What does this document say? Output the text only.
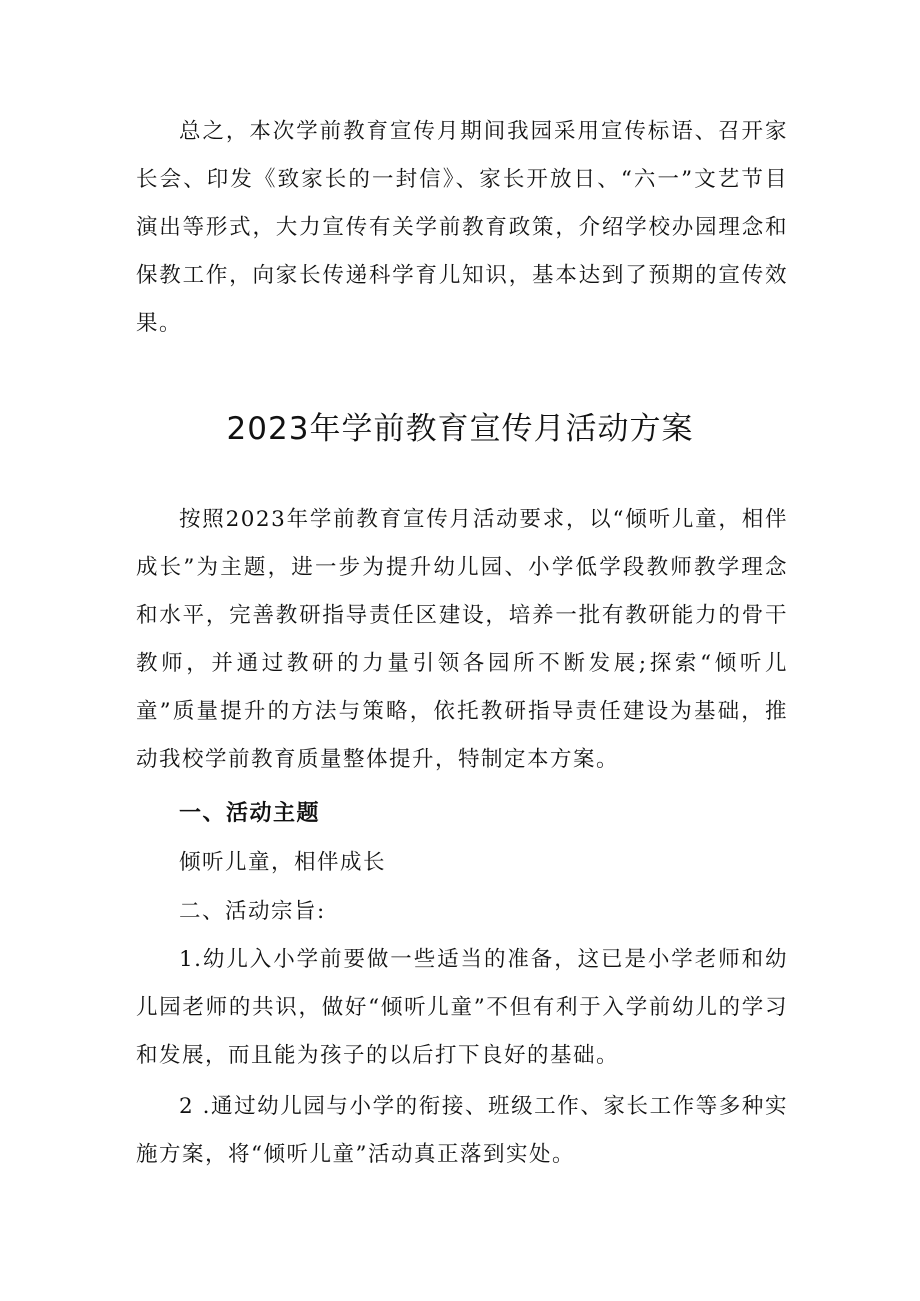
总之，本次学前教育宣传月期间我园采用宣传标语、召开家长会、印发《致家长的一封信》、家长开放日、“六一”文艺节目演出等形式，大力宣传有关学前教育政策，介绍学校办园理念和保教工作，向家长传递科学育儿知识，基本达到了预期的宣传效果。

2023年学前教育宣传月活动方案

按照2023年学前教育宣传月活动要求，以“倾听儿童，相伴成长”为主题，进一步为提升幼儿园、小学低学段教师教学理念和水平，完善教研指导责任区建设，培养一批有教研能力的骨干教师，并通过教研的力量引领各园所不断发展;探索“倾听儿童”质量提升的方法与策略，依托教研指导责任建设为基础，推动我校学前教育质量整体提升，特制定本方案。

一、活动主题

倾听儿童，相伴成长

二、活动宗旨:

1.幼儿入小学前要做一些适当的准备，这已是小学老师和幼儿园老师的共识，做好“倾听儿童”不但有利于入学前幼儿的学习和发展，而且能为孩子的以后打下良好的基础。

2 .通过幼儿园与小学的衔接、班级工作、家长工作等多种实施方案，将“倾听儿童”活动真正落到实处。
